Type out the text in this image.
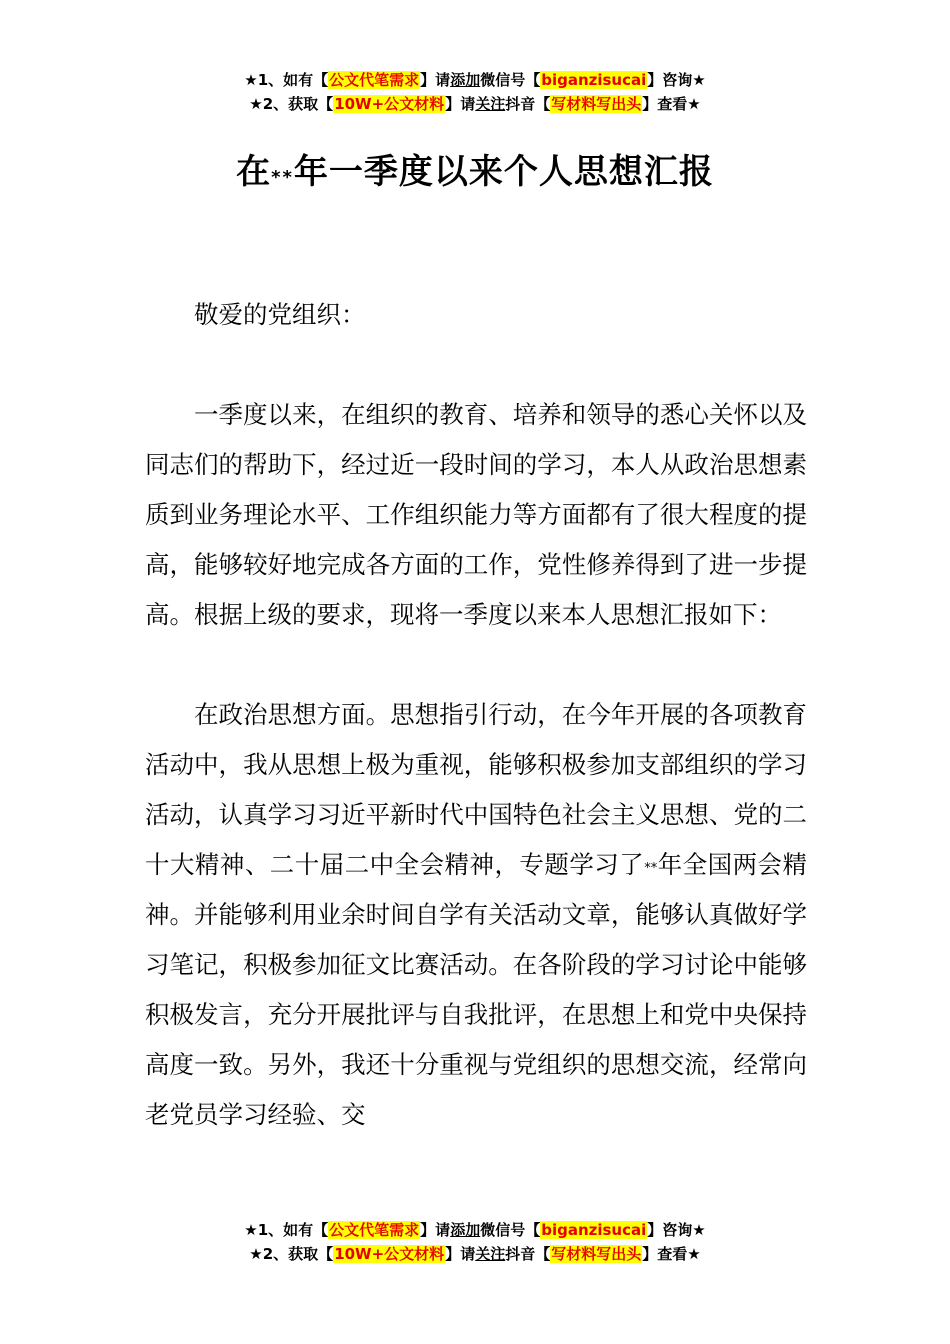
★1、如有【公文代笔需求】请添加微信号【biganzisucai】咨询★
★2、获取【10W+公文材料】请关注抖音【写材料写出头】查看★
在**年一季度以来个人思想汇报

敬爱的党组织：

一季度以来，在组织的教育、培养和领导的悉心关怀以及同志们的帮助下，经过近一段时间的学习，本人从政治思想素质到业务理论水平、工作组织能力等方面都有了很大程度的提高，能够较好地完成各方面的工作，党性修养得到了进一步提高。根据上级的要求，现将一季度以来本人思想汇报如下：

在政治思想方面。思想指引行动，在今年开展的各项教育活动中，我从思想上极为重视，能够积极参加支部组织的学习活动，认真学习习近平新时代中国特色社会主义思想、党的二十大精神、二十届二中全会精神，专题学习了**年全国两会精神。并能够利用业余时间自学有关活动文章，能够认真做好学习笔记，积极参加征文比赛活动。在各阶段的学习讨论中能够积极发言，充分开展批评与自我批评，在思想上和党中央保持高度一致。另外，我还十分重视与党组织的思想交流，经常向老党员学习经验、交

★1、如有【公文代笔需求】请添加微信号【biganzisucai】咨询★
★2、获取【10W+公文材料】请关注抖音【写材料写出头】查看★
